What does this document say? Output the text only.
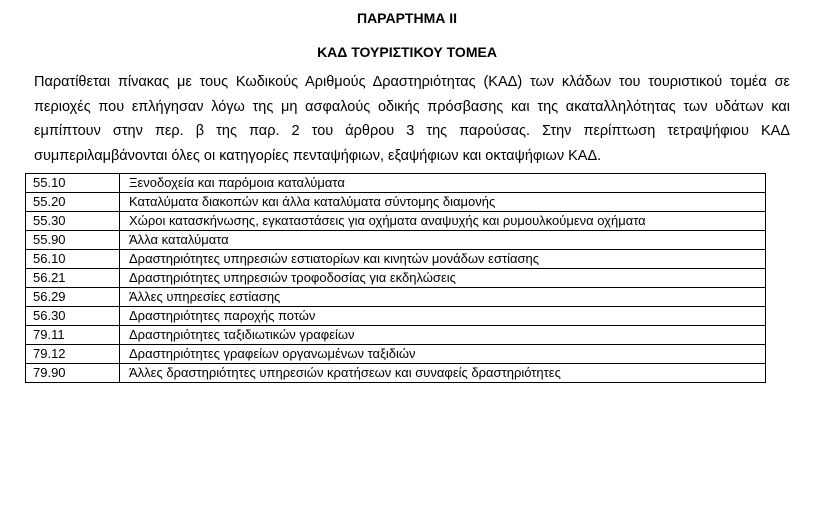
ΠΑΡΑΡΤΗΜΑ ΙΙ
ΚΑΔ ΤΟΥΡΙΣΤΙΚΟΥ ΤΟΜΕΑ

Παρατίθεται πίνακας με τους Κωδικούς Αριθμούς Δραστηριότητας (ΚΑΔ) των κλάδων του τουριστικού τομέα σε περιοχές που επλήγησαν λόγω της μη ασφαλούς οδικής πρόσβασης και της ακαταλληλότητας των υδάτων και εμπίπτουν στην περ. β της παρ. 2 του άρθρου 3 της παρούσας. Στην περίπτωση τετραψήφιου ΚΑΔ συμπεριλαμβάνονται όλες οι κατηγορίες πενταψήφιων, εξαψήφιων και οκταψήφιων ΚΑΔ.

55.10	Ξενοδοχεία και παρόμοια καταλύματα
55.20	Καταλύματα διακοπών και άλλα καταλύματα σύντομης διαμονής
55.30	Χώροι κατασκήνωσης, εγκαταστάσεις για οχήματα αναψυχής και ρυμουλκούμενα οχήματα
55.90	Άλλα καταλύματα
56.10	Δραστηριότητες υπηρεσιών εστιατορίων και κινητών μονάδων εστίασης
56.21	Δραστηριότητες υπηρεσιών τροφοδοσίας για εκδηλώσεις
56.29	Άλλες υπηρεσίες εστίασης
56.30	Δραστηριότητες παροχής ποτών
79.11	Δραστηριότητες ταξιδιωτικών γραφείων
79.12	Δραστηριότητες γραφείων οργανωμένων ταξιδιών
79.90	Άλλες δραστηριότητες υπηρεσιών κρατήσεων και συναφείς δραστηριότητες
